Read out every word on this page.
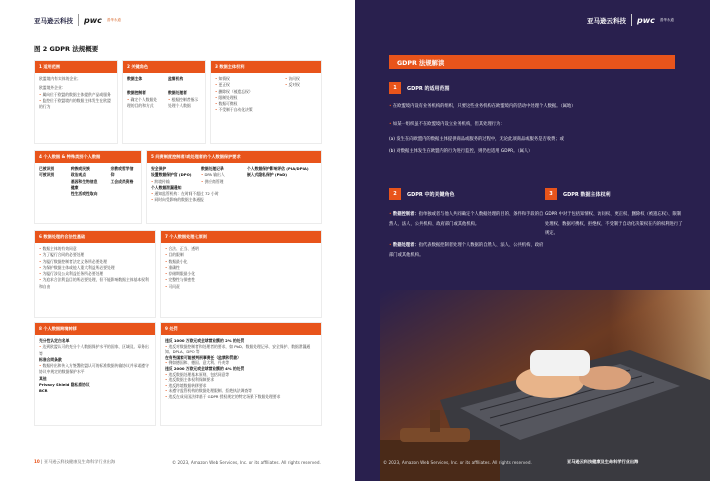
亚马逊云科技 pwc 普华永道
图 2 GDPR 法规概要
1 适用范围
欧盟境内有实体的企业；
欧盟境外企业：
• 属向位于欧盟的数据主体提供产品或服务
• 监控位于欧盟境内的数据主体发生在欧盟的行为
2 关键角色
数据主体
数据控制者
• 确定个人数据处理的目的和方式
监督机构
数据处理者
• 根据控制者指示处理个人数据
3 数据主体权利
• 知情权
• 更正权
• 删除权（被遗忘权）
• 限制处理权
• 数据可携权
• 不受制于自动化决策
• 访问权
• 反对权
4 个人数据 & 特殊类别个人数据
已被识别
可被识别
种族或民族
政治观点
基因和生物信息
健康
性生活或性取向
宗教或哲学信仰
工会成员资格
5 问责制度控制者/或处理者的个人数据保护要求
安全保护
设置数据保护官 (DPO)
• 跨境传输
数据处理记录
• DPA 输出人
• 供应商管理
个人数据保护影响评估 (PIA/DPIA)
嵌入式隐私保护 (PbD)
个人数据泄漏通知
• 通知监管机构：在时间不超过 72 小时
• 同时向受影响的数据主体通报
6 数据处理的合法性基础
• 数据主体的有效同意
• 为了履行合同的必要处理
• 为履行数据控制者法定义务所必要处理
• 为保护数据主体或他人重大利益所必要处理
• 为履行涉及公众利益任务所必要处理
• 为追求合法利益目的所必要处理，但不能影响数据主体基本权利和自由
7 个人数据处理七原则
• 合法、正当、透明
• 目的限制
• 数据最小化
• 准确性
• 存储期限最小化
• 完整性与保密性
• 可问责
8 个人数据跨境转移
充分性认定白名单
• 达到欧盟认可的充分个人数据保护水平的国家、区域及、章务出等
标准合同条款
• 数据传出和传入方签署欧盟认可的标准数据传输协议并承诺遵守协议中规定的数据保护水平
其他
Privacy Shield 隐私盾协议
BCR
9 处罚
违反 1000 万欧元或全球营业额的 2% 的处罚
• 违反对数据控制者和处理者的要求，如 PbD、数据处理记录、安全保护、数据泄漏通知、DPLA、DPO 等
在有些国家可能被判刑事责任（监禁和罚款）
• 例如德国和、德国、意大利、丹麦等
违反 2000 万欧元或全球营业额的 4% 的处罚
• 违反数据处理基本原则，包括同意等
• 违反数据主体权利保障要求
• 违反跨境数据转移要求
• 未遵守监管机构的数据处理限制、拒绝执法调查等
• 违反在成员国法律基于 GDPR 授权规定的特定场景下数据处理要求
10 | 亚马逊云科技健康及生命科学行业出海	© 2023, Amazon Web Services, Inc. or its affiliates. All rights reserved.
亚马逊云科技 pwc 普华永道
GDPR 法规解读
1	GDPR 的适用范围
• 在欧盟境内设有业务机构的组织，只要这些业务机构在欧盟境内的活动中处理个人数据。（属地）
• 如某一组织虽不在欧盟境内设立业务机构，但其处理行为：
(a) 发生在向欧盟内的数据主体提供商品或服务的过程中，无论此项商品或服务是否收费；或
(b) 对数据主体发生在欧盟内的行为进行监控，则仍也适用 GDPR。（属人）
2	GDPR 中的关键角色
• 数据控制者：指单独或者与他人共同确定个人数据处理的目的、条件和手段的自然人、法人、公共机构、政府部门或其他机构。
• 数据处理者：指代表数据控制者处理个人数据的自然人、法人、公共机构、政府部门或其他机构。
3	GDPR 数据主体权利
GDPR 中对于包括知情权、访问权、更正权、删除权（被遗忘权）、限制处理权、数据可携权、拒绝权、不受制于自动化决策权在内的权利进行了规定。
© 2023, Amazon Web Services, Inc. or its affiliates. All rights reserved.	亚马逊云科技健康及生命科学行业出海
